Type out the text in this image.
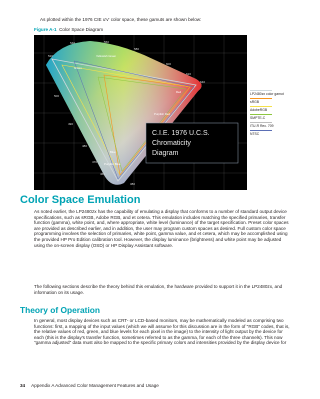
As plotted within the 1976 CIE u'v' color space, these gamuts are shown below:

Figure A-1 Color Space Diagram

C.I.E. 1976 U.C.S.
Chromaticity
Diagram
520
540	560
580
600
620
640
500
490
480
470
460
380
Purplish Blue
Blue
Yellowish Green
Green
Red
Purplish Red
LP2480zx color gamut
sRGB
AdobeRGB
SMPTE-C
ITU-R Rec. 709
NTSC
Color Space Emulation

As noted earlier, the LP2480zx has the capability of emulating a display that conforms to a number of standard output device specifications, such as sRGB, Adobe RGB, and et cetera. This emulation includes matching the specified primaries, transfer function (gamma), white point, and, where appropriate, white level (luminance) of the target specification. Preset color spaces are provided as described earlier, and in addition, the user may program custom spaces as desired. Full custom color space programming involves the selection of primaries, white point, gamma value, and et cetera, which may be accomplished using the provided HP Pro Edition calibration tool. However, the display luminance (brightness) and white point may be adjusted using the on-screen display (OSD) or HP Display Assistant software.

The following sections describe the theory behind this emulation, the hardware provided to support it in the LP2480zx, and information on its usage.

Theory of Operation

In general, most display devices such as CRT- or LCD-based monitors, may be mathematically modeled as comprising two functions: first, a mapping of the input values (which we will assume for this discussion are in the form of "RGB" codes, that is, the relative values of red, green, and blue levels for each pixel in the image) to the intensity of light output by the device for each (this is the display's transfer function, sometimes referred to as the gamma, for each of the three channels). This now "gamma adjusted" data must also be mapped to the specific primary colors and intensities provided by the display device for

34 Appendix A Advanced Color Management Features and Usage
